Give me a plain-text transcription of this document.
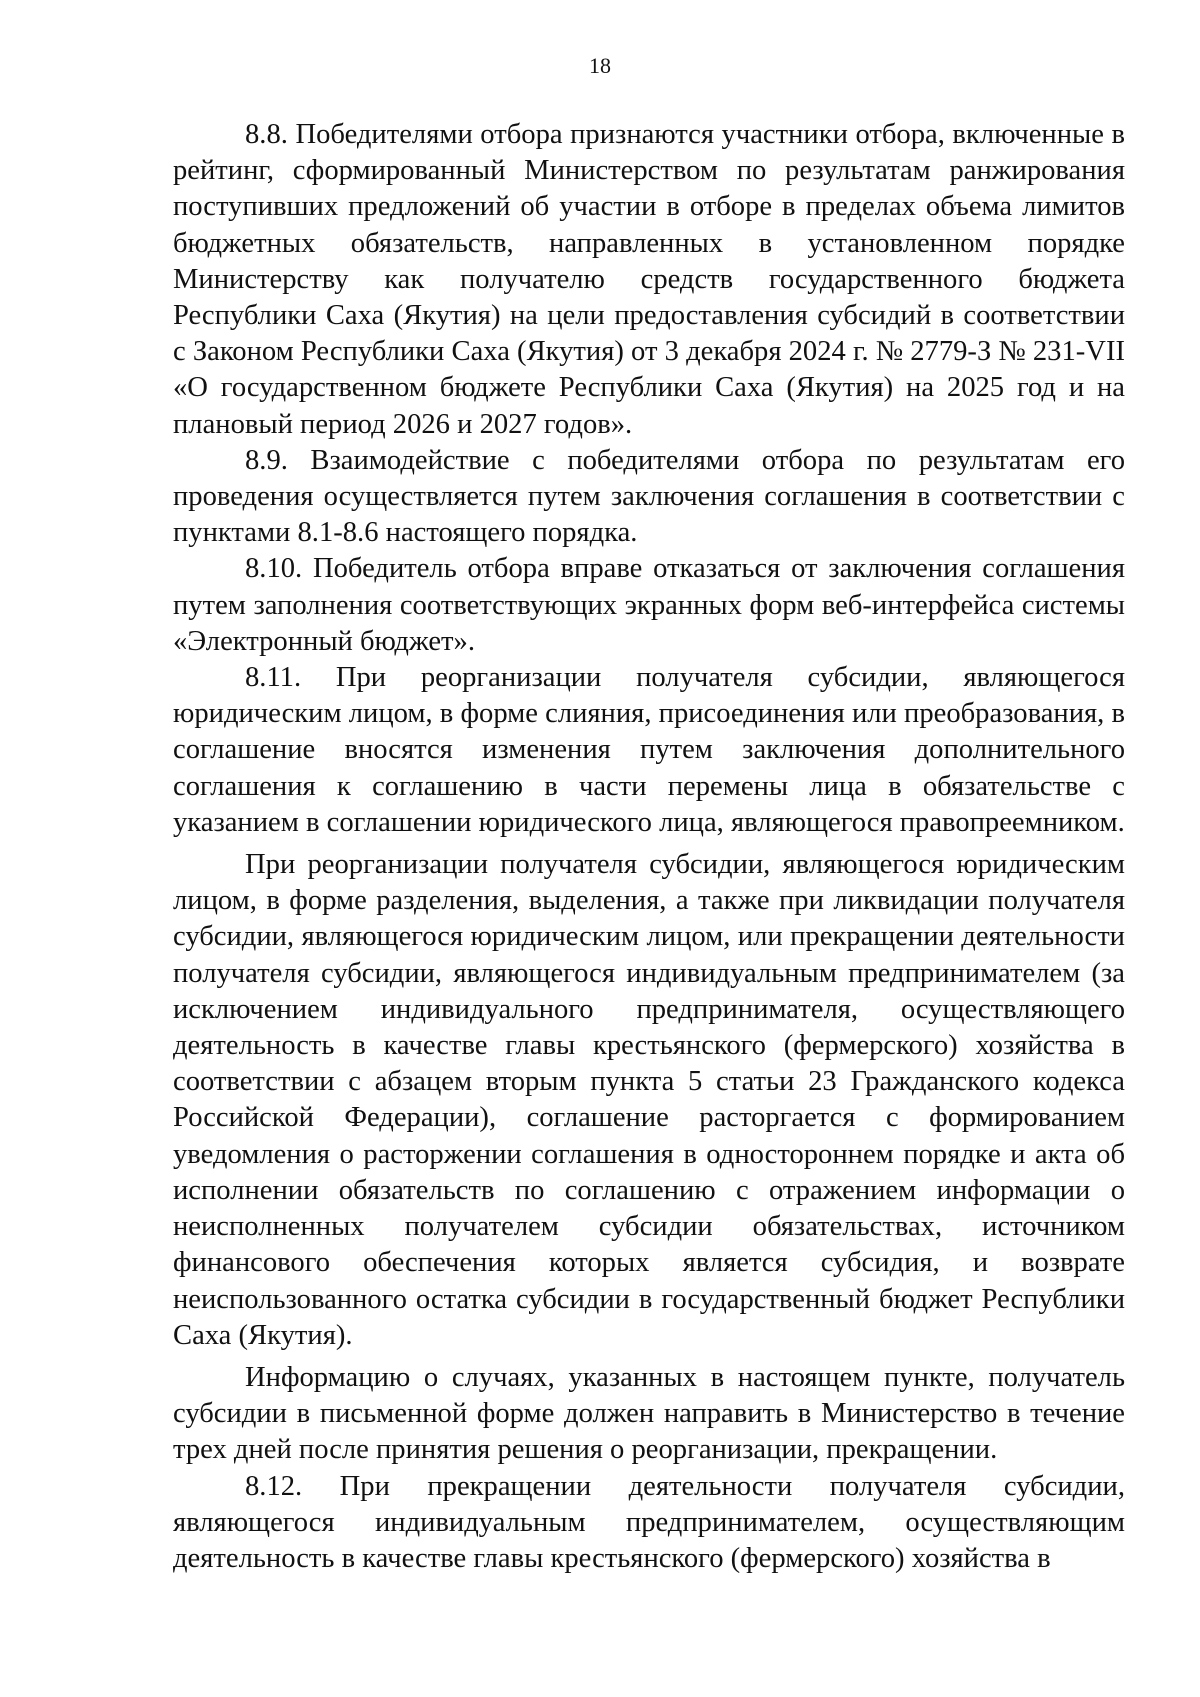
18

8.8. Победителями отбора признаются участники отбора, включенные в рейтинг, сформированный Министерством по результатам ранжирования поступивших предложений об участии в отборе в пределах объема лимитов бюджетных обязательств, направленных в установленном порядке Министерству как получателю средств государственного бюджета Республики Саха (Якутия) на цели предоставления субсидий в соответствии с Законом Республики Саха (Якутия) от 3 декабря 2024 г. № 2779-З № 231-VII «О государственном бюджете Республики Саха (Якутия) на 2025 год и на плановый период 2026 и 2027 годов».

8.9. Взаимодействие с победителями отбора по результатам его проведения осуществляется путем заключения соглашения в соответствии с пунктами 8.1-8.6 настоящего порядка.

8.10. Победитель отбора вправе отказаться от заключения соглашения путем заполнения соответствующих экранных форм веб-интерфейса системы «Электронный бюджет».

8.11. При реорганизации получателя субсидии, являющегося юридическим лицом, в форме слияния, присоединения или преобразования, в соглашение вносятся изменения путем заключения дополнительного соглашения к соглашению в части перемены лица в обязательстве с указанием в соглашении юридического лица, являющегося правопреемником.

При реорганизации получателя субсидии, являющегося юридическим лицом, в форме разделения, выделения, а также при ликвидации получателя субсидии, являющегося юридическим лицом, или прекращении деятельности получателя субсидии, являющегося индивидуальным предпринимателем (за исключением индивидуального предпринимателя, осуществляющего деятельность в качестве главы крестьянского (фермерского) хозяйства в соответствии с абзацем вторым пункта 5 статьи 23 Гражданского кодекса Российской Федерации), соглашение расторгается с формированием уведомления о расторжении соглашения в одностороннем порядке и акта об исполнении обязательств по соглашению с отражением информации о неисполненных получателем субсидии обязательствах, источником финансового обеспечения которых является субсидия, и возврате неиспользованного остатка субсидии в государственный бюджет Республики Саха (Якутия).

Информацию о случаях, указанных в настоящем пункте, получатель субсидии в письменной форме должен направить в Министерство в течение трех дней после принятия решения о реорганизации, прекращении.

8.12. При прекращении деятельности получателя субсидии, являющегося индивидуальным предпринимателем, осуществляющим деятельность в качестве главы крестьянского (фермерского) хозяйства в
